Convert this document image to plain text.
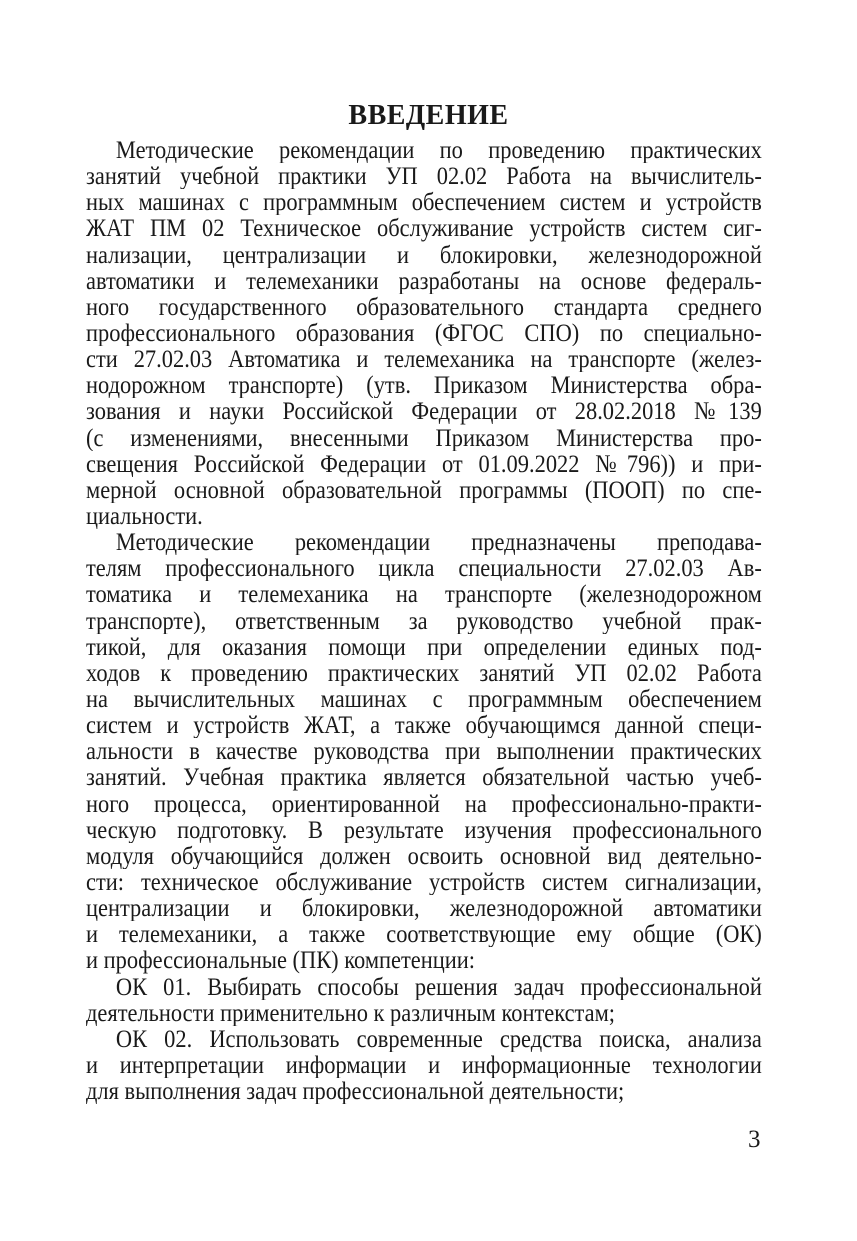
ВВЕДЕНИЕ
Методические рекомендации по проведению практических
занятий учебной практики УП 02.02 Работа на вычислитель-
ных машинах с программным обеспечением систем и устройств
ЖАТ ПМ 02 Техническое обслуживание устройств систем сиг-
нализации, централизации и блокировки, железнодорожной
автоматики и телемеханики разработаны на основе федераль-
ного государственного образовательного стандарта среднего
профессионального образования (ФГОС СПО) по специально-
сти 27.02.03 Автоматика и телемеханика на транспорте (желез-
нодорожном транспорте) (утв. Приказом Министерства обра-
зования и науки Российской Федерации от 28.02.2018 №139
(с изменениями, внесенными Приказом Министерства про-
свещения Российской Федерации от 01.09.2022 №796)) и при-
мерной основной образовательной программы (ПООП) по спе-
циальности.
Методические рекомендации предназначены преподава-
телям профессионального цикла специальности 27.02.03 Ав-
томатика и телемеханика на транспорте (железнодорожном
транспорте), ответственным за руководство учебной прак-
тикой, для оказания помощи при определении единых под-
ходов к проведению практических занятий УП 02.02 Работа
на вычислительных машинах с программным обеспечением
систем и устройств ЖАТ, а также обучающимся данной специ-
альности в качестве руководства при выполнении практических
занятий. Учебная практика является обязательной частью учеб-
ного процесса, ориентированной на профессионально-практи-
ческую подготовку. В результате изучения профессионального
модуля обучающийся должен освоить основной вид деятельно-
сти: техническое обслуживание устройств систем сигнализации,
централизации и блокировки, железнодорожной автоматики
и телемеханики, а также соответствующие ему общие (ОК)
и профессиональные (ПК) компетенции:
ОК 01. Выбирать способы решения задач профессиональной
деятельности применительно к различным контекстам;
ОК 02. Использовать современные средства поиска, анализа
и интерпретации информации и информационные технологии
для выполнения задач профессиональной деятельности;
3
